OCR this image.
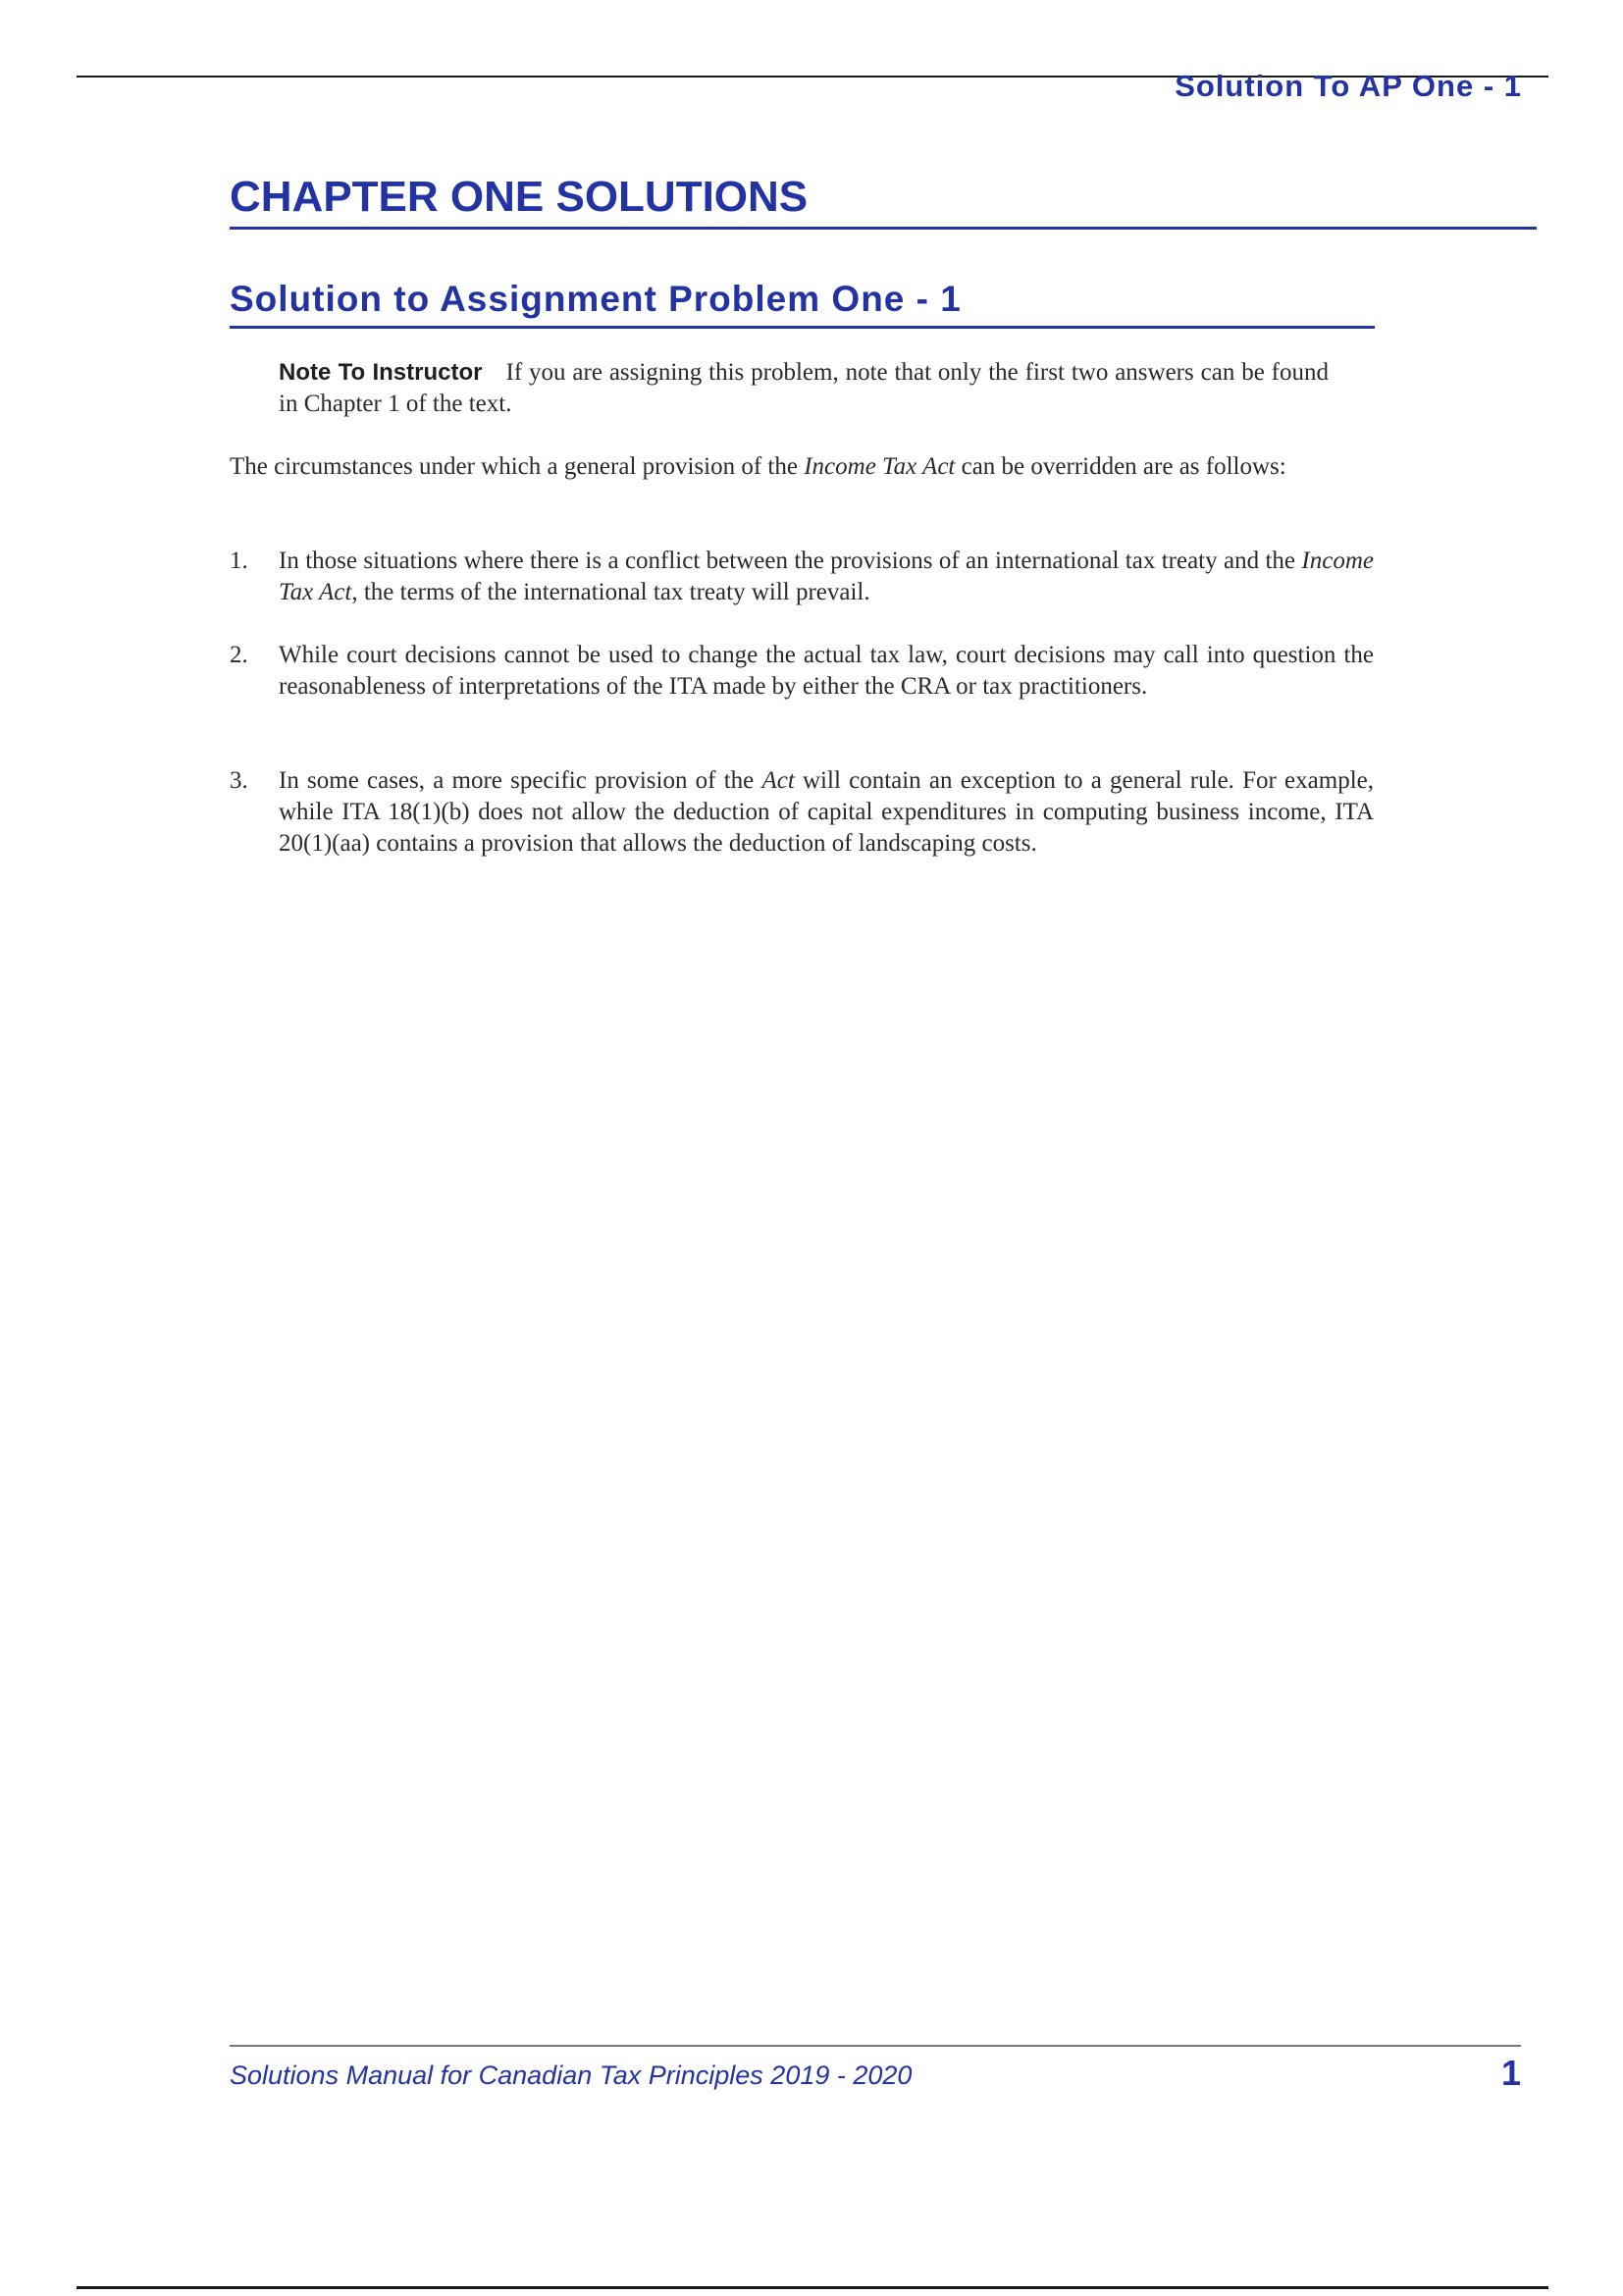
Solution To AP One - 1
CHAPTER ONE SOLUTIONS
Solution to Assignment Problem One - 1
Note To Instructor If you are assigning this problem, note that only the first two answers can be found in Chapter 1 of the text.
The circumstances under which a general provision of the Income Tax Act can be overridden are as follows:
1.	In those situations where there is a conflict between the provisions of an international tax treaty and the Income Tax Act, the terms of the international tax treaty will prevail.
2.	While court decisions cannot be used to change the actual tax law, court decisions may call into question the reasonableness of interpretations of the ITA made by either the CRA or tax practitioners.
3.	In some cases, a more specific provision of the Act will contain an exception to a general rule. For example, while ITA 18(1)(b) does not allow the deduction of capital expenditures in computing business income, ITA 20(1)(aa) contains a provision that allows the deduction of landscaping costs.
Solutions Manual for Canadian Tax Principles 2019 - 2020	1
